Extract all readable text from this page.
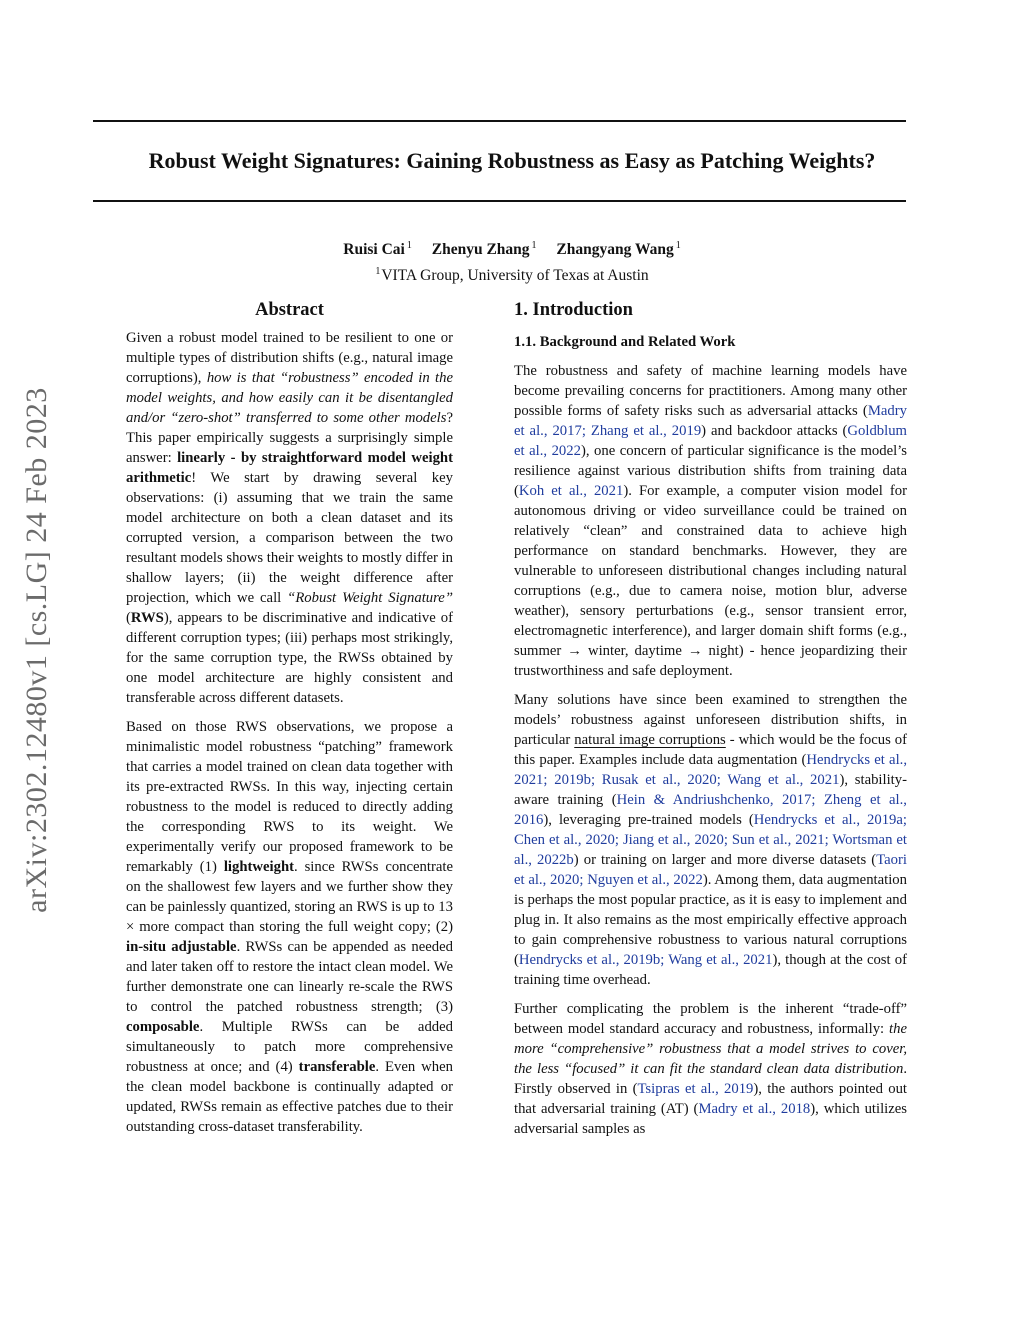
Robust Weight Signatures: Gaining Robustness as Easy as Patching Weights?
Ruisi Cai $^1$ Zhenyu Zhang $^1$ Zhangyang Wang $^1$
$^1$VITA Group, University of Texas at Austin
arXiv:2302.12480v1 [cs.LG] 24 Feb 2023
Abstract

Given a robust model trained to be resilient to one or multiple types of distribution shifts (e.g., natural image corruptions), how is that “robustness” encoded in the model weights, and how easily can it be disentangled and/or “zero-shot” transferred to some other models? This paper empirically suggests a surprisingly simple answer: linearly - by straightforward model weight arithmetic! We start by drawing several key observations: (i) assuming that we train the same model architecture on both a clean dataset and its corrupted version, a comparison between the two resultant models shows their weights to mostly differ in shallow layers; (ii) the weight difference after projection, which we call “Robust Weight Signature” (RWS), appears to be discriminative and indicative of different corruption types; (iii) perhaps most strikingly, for the same corruption type, the RWSs obtained by one model architecture are highly consistent and transferable across different datasets.

Based on those RWS observations, we propose a minimalistic model robustness “patching” framework that carries a model trained on clean data together with its pre-extracted RWSs. In this way, injecting certain robustness to the model is reduced to directly adding the corresponding RWS to its weight. We experimentally verify our proposed framework to be remarkably (1) lightweight. since RWSs concentrate on the shallowest few layers and we further show they can be painlessly quantized, storing an RWS is up to 13 × more compact than storing the full weight copy; (2) in-situ adjustable. RWSs can be appended as needed and later taken off to restore the intact clean model. We further demonstrate one can linearly re-scale the RWS to control the patched robustness strength; (3) composable. Multiple RWSs can be added simultaneously to patch more comprehensive robustness at once; and (4) transferable. Even when the clean model backbone is continually adapted or updated, RWSs remain as effective patches due to their outstanding cross-dataset transferability.

1. Introduction
1.1. Background and Related Work

The robustness and safety of machine learning models have become prevailing concerns for practitioners. Among many other possible forms of safety risks such as adversarial attacks (Madry et al., 2017; Zhang et al., 2019) and backdoor attacks (Goldblum et al., 2022), one concern of particular significance is the model’s resilience against various distribution shifts from training data (Koh et al., 2021). For example, a computer vision model for autonomous driving or video surveillance could be trained on relatively “clean” and constrained data to achieve high performance on standard benchmarks. However, they are vulnerable to unforeseen distributional changes including natural corruptions (e.g., due to camera noise, motion blur, adverse weather), sensory perturbations (e.g., sensor transient error, electromagnetic interference), and larger domain shift forms (e.g., summer → winter, daytime → night) - hence jeopardizing their trustworthiness and safe deployment.

Many solutions have since been examined to strengthen the models’ robustness against unforeseen distribution shifts, in particular natural image corruptions - which would be the focus of this paper. Examples include data augmentation (Hendrycks et al., 2021; 2019b; Rusak et al., 2020; Wang et al., 2021), stability-aware training (Hein & Andriushchenko, 2017; Zheng et al., 2016), leveraging pre-trained models (Hendrycks et al., 2019a; Chen et al., 2020; Jiang et al., 2020; Sun et al., 2021; Wortsman et al., 2022b) or training on larger and more diverse datasets (Taori et al., 2020; Nguyen et al., 2022). Among them, data augmentation is perhaps the most popular practice, as it is easy to implement and plug in. It also remains as the most empirically effective approach to gain comprehensive robustness to various natural corruptions (Hendrycks et al., 2019b; Wang et al., 2021), though at the cost of training time overhead.

Further complicating the problem is the inherent “trade-off” between model standard accuracy and robustness, informally: the more “comprehensive” robustness that a model strives to cover, the less “focused” it can fit the standard clean data distribution. Firstly observed in (Tsipras et al., 2019), the authors pointed out that adversarial training (AT) (Madry et al., 2018), which utilizes adversarial samples as
